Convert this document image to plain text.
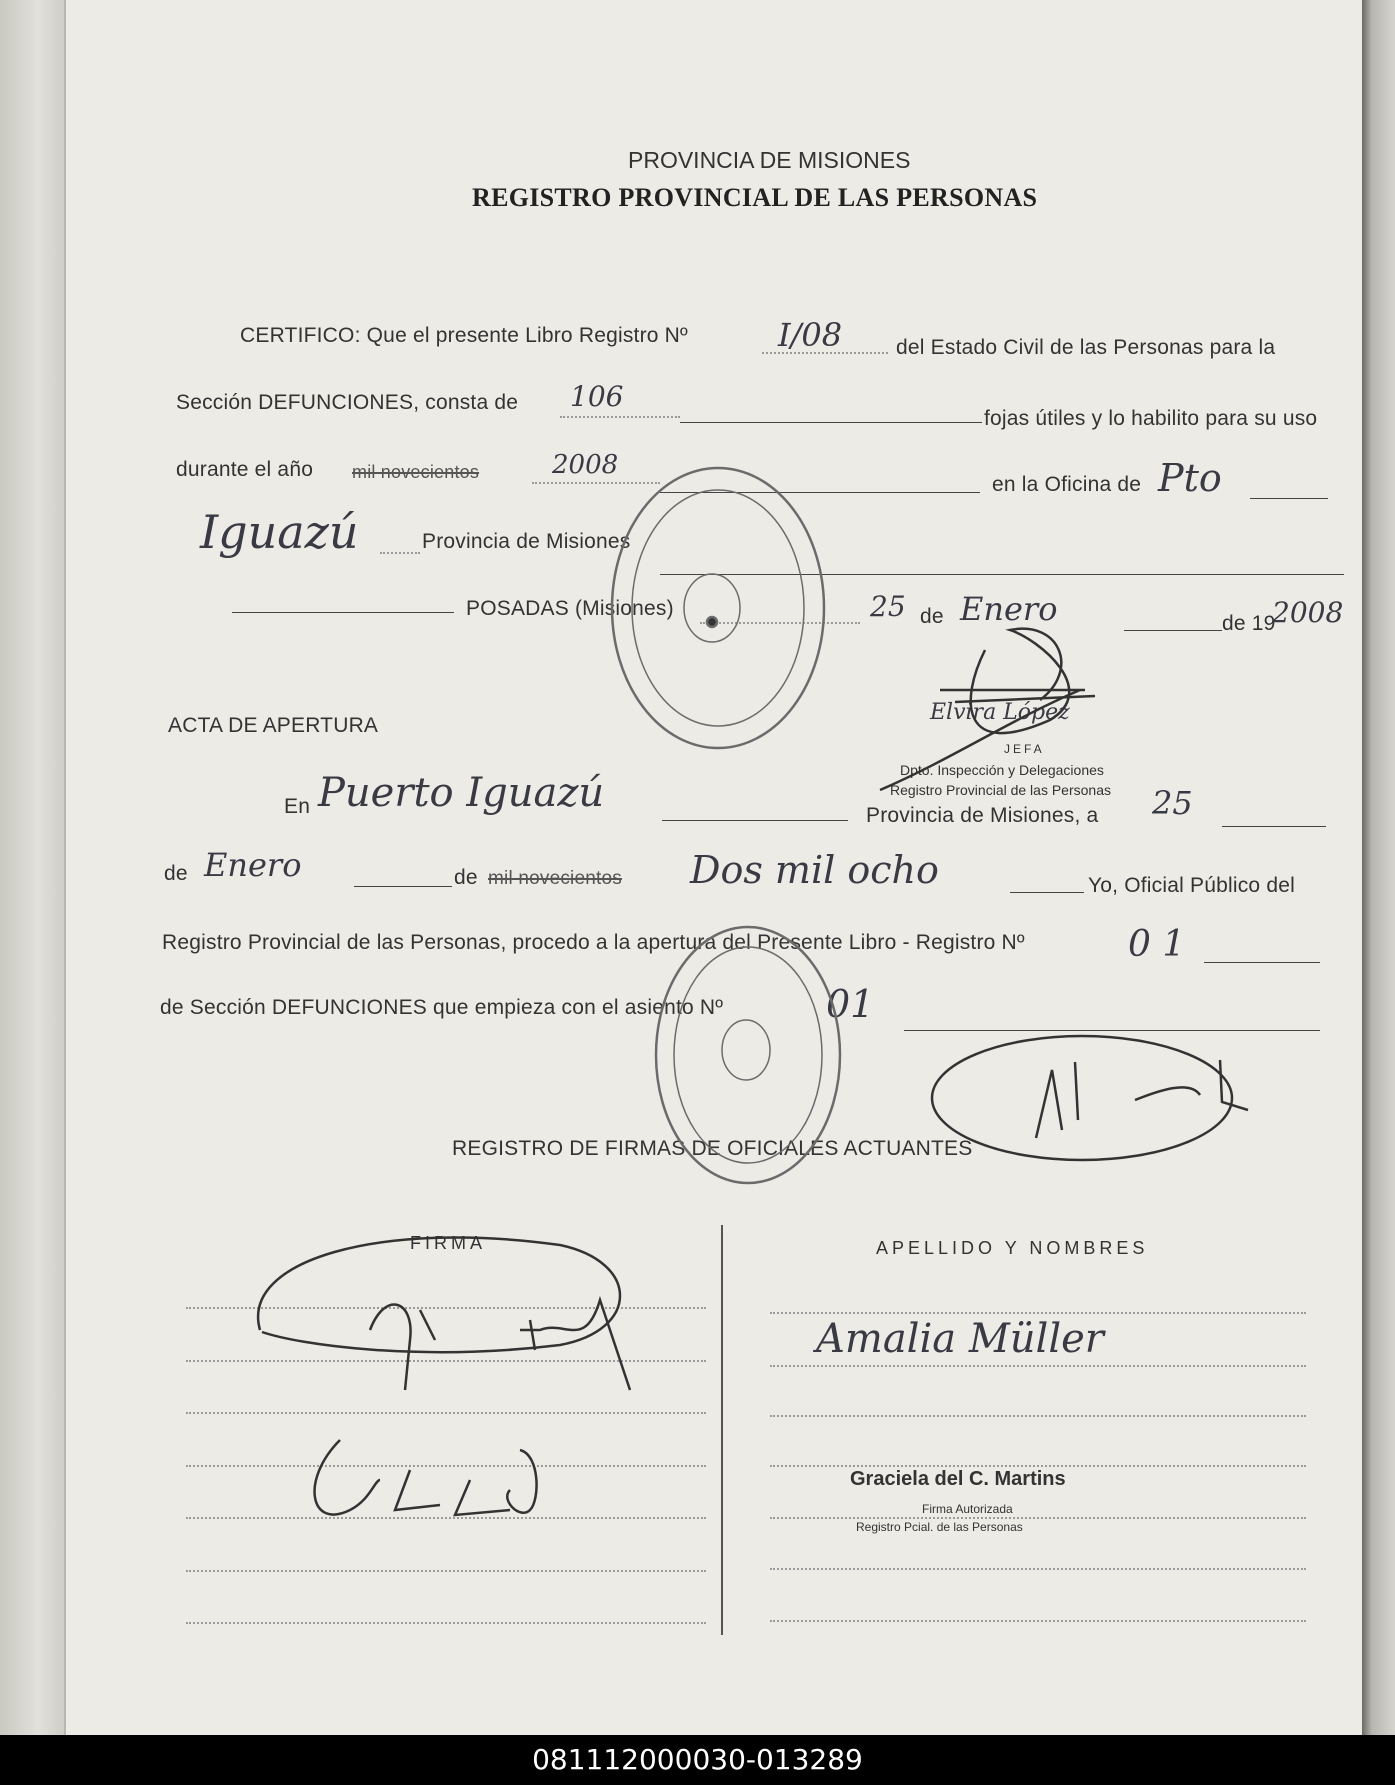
PROVINCIA DE MISIONES
REGISTRO PROVINCIAL DE LAS PERSONAS
CERTIFICO: Que el presente Libro Registro Nº	I/08	del Estado Civil de las Personas para la
Sección DEFUNCIONES, consta de 106
fojas útiles y lo habilito para su uso
durante el año mil novecientos	2008
en la Oficina de Pto
Iguazú	Provincia de Misiones
POSADAS (Misiones)	25 de Enero	de 19
2008
ACTA DE APERTURA
En Puerto Iguazú	Provincia de Misiones, a 25
de Enero	de mil novecientos Dos mil ocho	Yo, Oficial Público del
Registro Provincial de las Personas, procedo a la apertura del Presente Libro - Registro Nº	0 1
de Sección DEFUNCIONES que empieza con el asiento Nº	01
REGISTRO DE FIRMAS DE OFICIALES ACTUANTES
FIRMA	APELLIDO Y NOMBRES
Amalia Müller
Graciela del C. Martins
Firma Autorizada
Registro Pcial. de las Personas
Elvira López
JEFA
Dpto. Inspección y Delegaciones
Registro Provincial de las Personas
081112000030-013289
